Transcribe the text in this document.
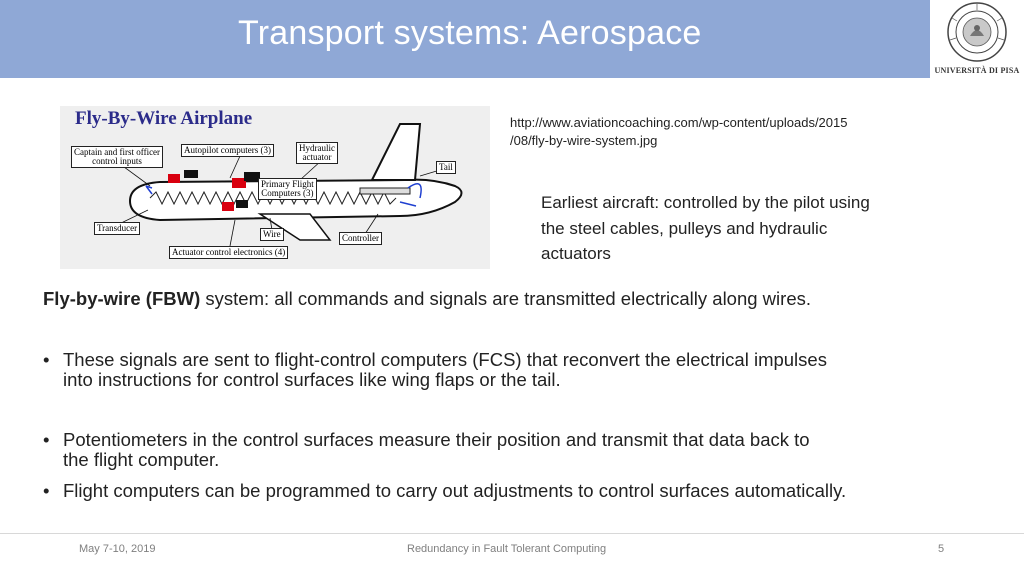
Transport systems: Aerospace
UNIVERSITÀ DI PISA
Fly-By-Wire Airplane
Captain and first officer
control inputs
Autopilot computers (3)	Hydraulic
actuator
Tail
Primary Flight
Computers (3)
Transducer
Wire	Controller
Actuator control electronics (4)
http://www.aviationcoaching.com/wp-content/uploads/2015
/08/fly-by-wire-system.jpg
Earliest aircraft: controlled by the pilot using
the steel cables, pulleys and hydraulic
actuators
Fly-by-wire (FBW) system: all commands and signals are transmitted electrically along wires.
• These signals are sent to flight-control computers (FCS) that reconvert the electrical impulses
into instructions for control surfaces like wing flaps or the tail.
• Potentiometers in the control surfaces measure their position and transmit that data back to
the flight computer.
• Flight computers can be programmed to carry out adjustments to control surfaces automatically.
May 7-10, 2019	Redundancy in Fault Tolerant Computing	5
